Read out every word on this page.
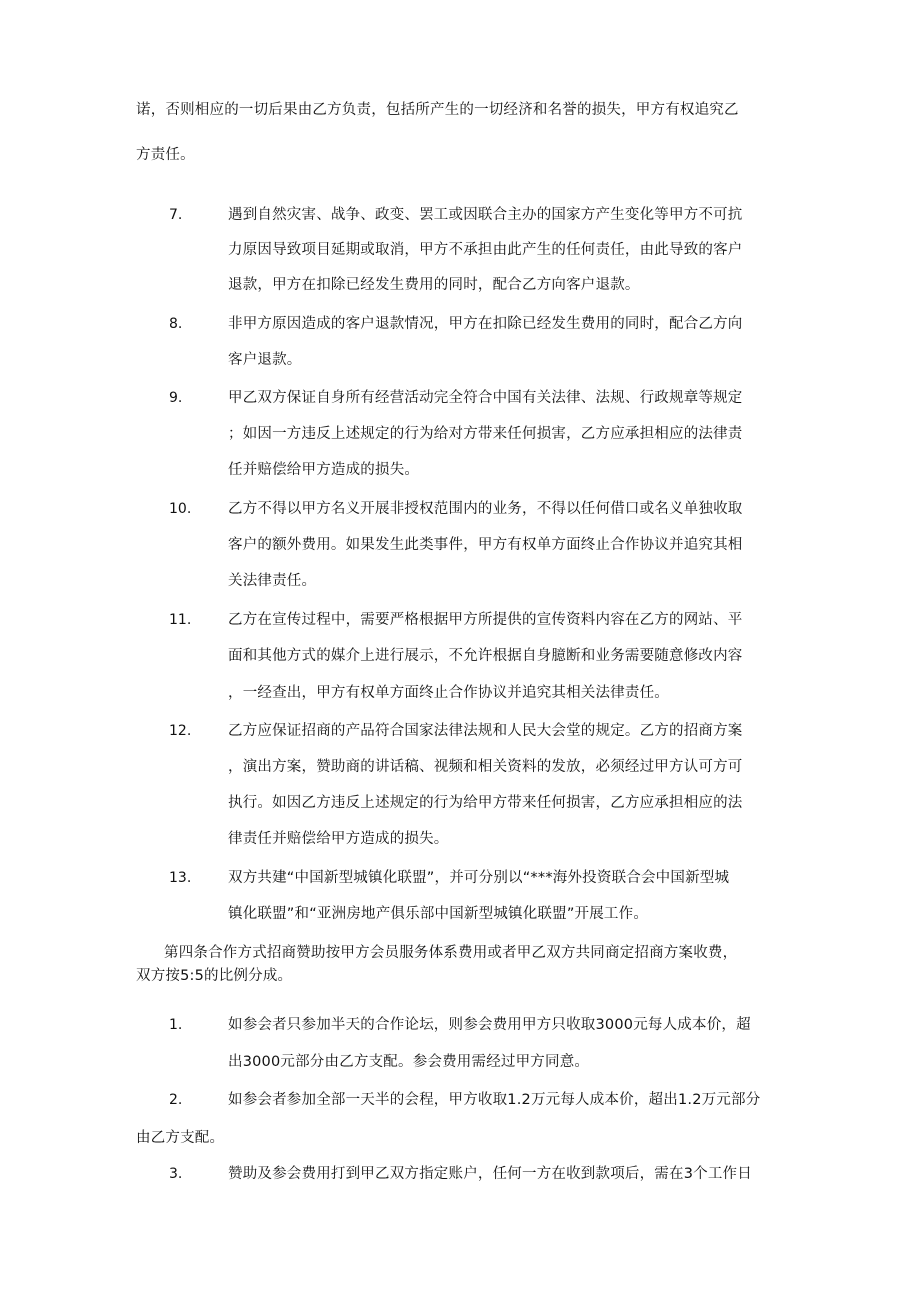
诺，否则相应的一切后果由乙方负责，包括所产生的一切经济和名誉的损失，甲方有权追究乙
方责任。
7.	遇到自然灾害、战争、政变、罢工或因联合主办的国家方产生变化等甲方不可抗
力原因导致项目延期或取消，甲方不承担由此产生的任何责任，由此导致的客户
退款，甲方在扣除已经发生费用的同时，配合乙方向客户退款。
8.	非甲方原因造成的客户退款情况，甲方在扣除已经发生费用的同时，配合乙方向
客户退款。
9.	甲乙双方保证自身所有经营活动完全符合中国有关法律、法规、行政规章等规定
；如因一方违反上述规定的行为给对方带来任何损害，乙方应承担相应的法律责
任并赔偿给甲方造成的损失。
10.	乙方不得以甲方名义开展非授权范围内的业务，不得以任何借口或名义单独收取
客户的额外费用。如果发生此类事件，甲方有权单方面终止合作协议并追究其相
关法律责任。
11.	乙方在宣传过程中，需要严格根据甲方所提供的宣传资料内容在乙方的网站、平
面和其他方式的媒介上进行展示，不允许根据自身臆断和业务需要随意修改内容
，一经查出，甲方有权单方面终止合作协议并追究其相关法律责任。
12.	乙方应保证招商的产品符合国家法律法规和人民大会堂的规定。乙方的招商方案
，演出方案，赞助商的讲话稿、视频和相关资料的发放，必须经过甲方认可方可
执行。如因乙方违反上述规定的行为给甲方带来任何损害，乙方应承担相应的法
律责任并赔偿给甲方造成的损失。
13.	双方共建“中国新型城镇化联盟”，并可分别以“***海外投资联合会中国新型城
镇化联盟”和“亚洲房地产俱乐部中国新型城镇化联盟”开展工作。
第四条合作方式招商赞助按甲方会员服务体系费用或者甲乙双方共同商定招商方案收费，
双方按5:5的比例分成。
1.	如参会者只参加半天的合作论坛，则参会费用甲方只收取3000元每人成本价，超
出3000元部分由乙方支配。参会费用需经过甲方同意。
2.	如参会者参加全部一天半的会程，甲方收取1.2万元每人成本价，超出1.2万元部分
由乙方支配。
3.	赞助及参会费用打到甲乙双方指定账户，任何一方在收到款项后，需在3个工作日
